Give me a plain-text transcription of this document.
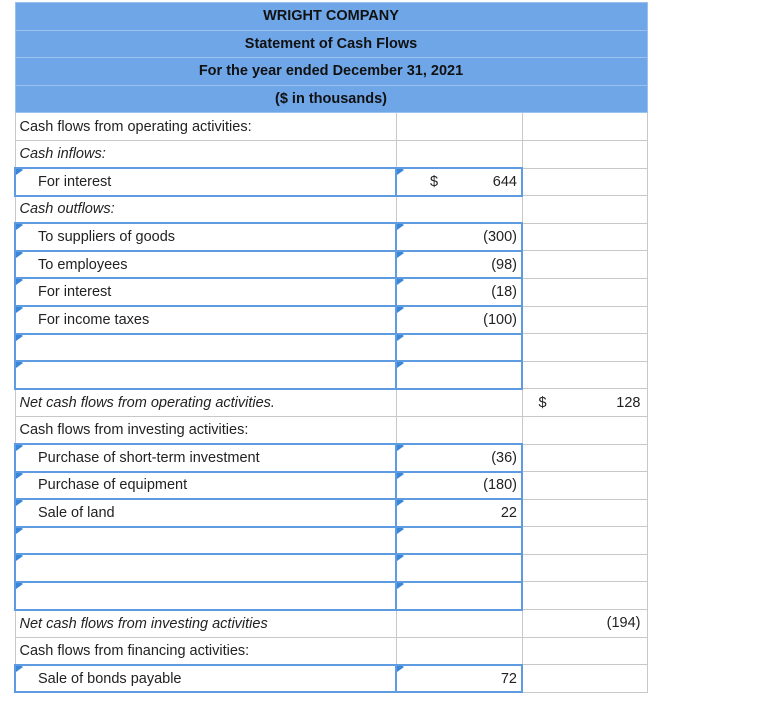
WRIGHT COMPANY		
Statement of Cash Flows		
For the year ended December 31, 2021		
($ in thousands)		
Cash flows from operating activities:		
Cash inflows:		
For interest	$ 644	
Cash outflows:		
To suppliers of goods	(300)	
To employees	(98)	
For interest	(18)	
For income taxes	(100)	

Net cash flows from operating activities.		$ 128
Cash flows from investing activities:		
Purchase of short-term investment	(36)	
Purchase of equipment	(180)	
Sale of land	22	

Net cash flows from investing activities		(194)
Cash flows from financing activities:		
Sale of bonds payable	72	
